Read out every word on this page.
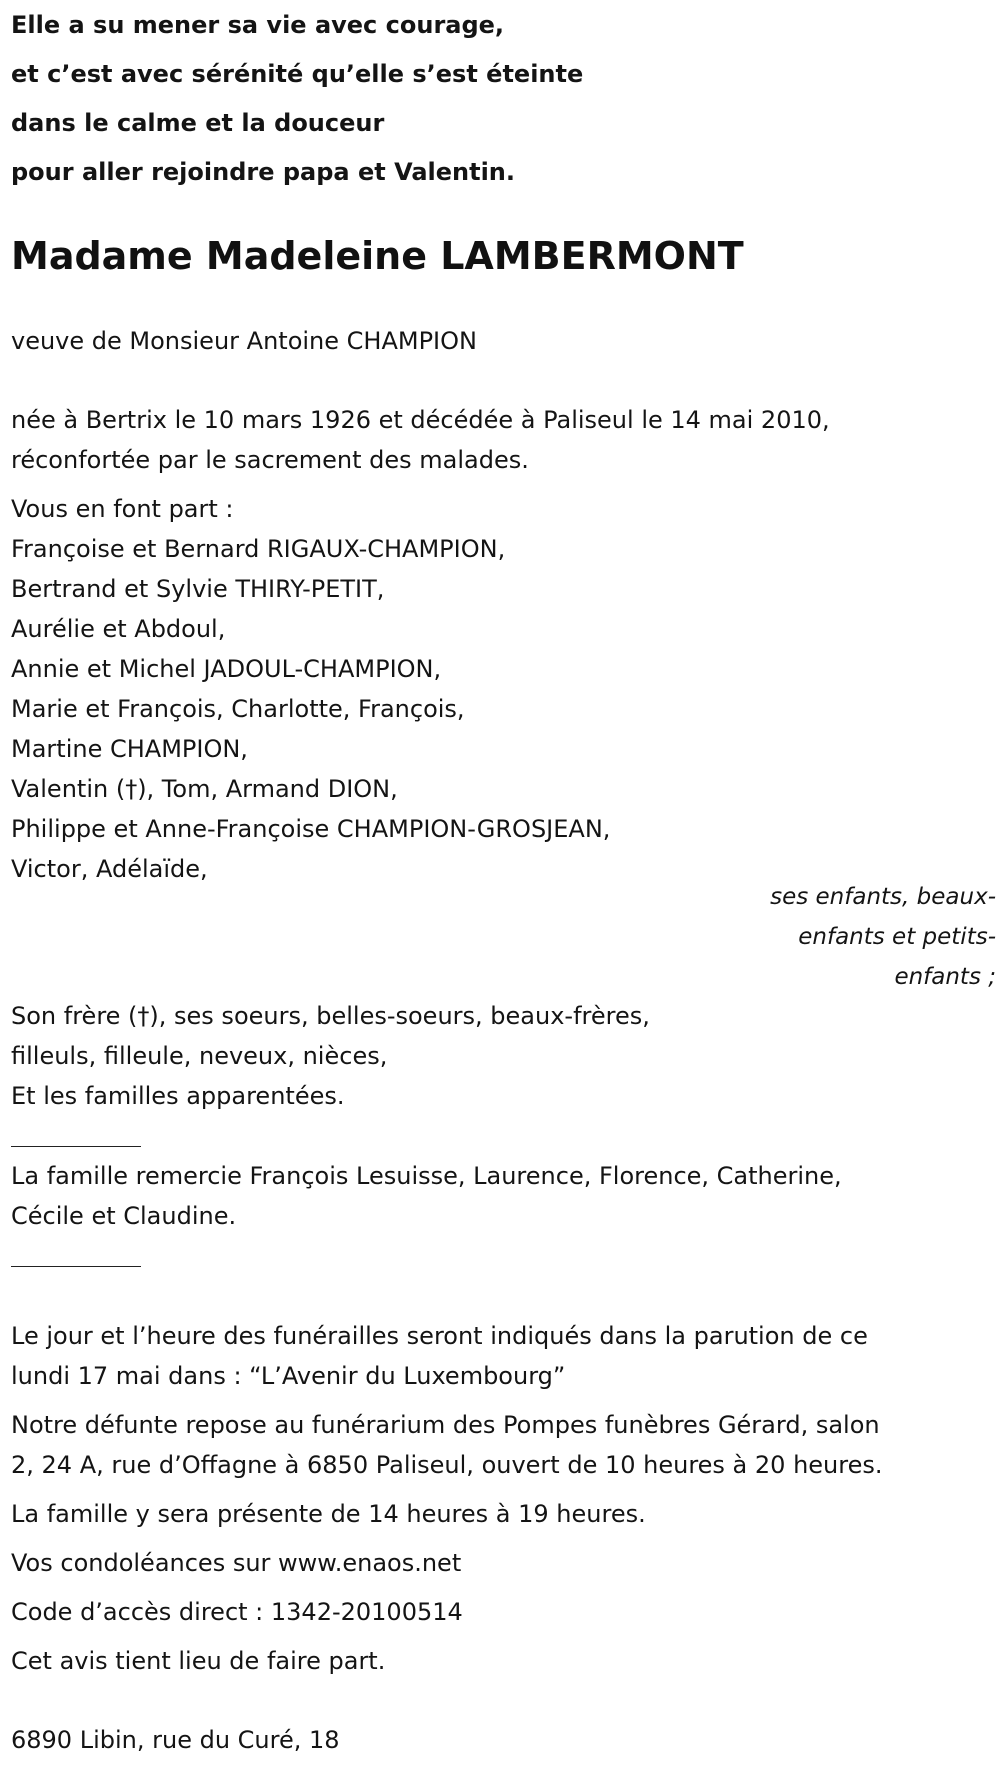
Elle a su mener sa vie avec courage,
et c’est avec sérénité qu’elle s’est éteinte
dans le calme et la douceur
pour aller rejoindre papa et Valentin.
Madame Madeleine LAMBERMONT
veuve de Monsieur Antoine CHAMPION
née à Bertrix le 10 mars 1926 et décédée à Paliseul le 14 mai 2010,
réconfortée par le sacrement des malades.
Vous en font part :
Françoise et Bernard RIGAUX-CHAMPION,
Bertrand et Sylvie THIRY-PETIT,
Aurélie et Abdoul,
Annie et Michel JADOUL-CHAMPION,
Marie et François, Charlotte, François,
Martine CHAMPION,
Valentin (†), Tom, Armand DION,
Philippe et Anne-Françoise CHAMPION-GROSJEAN,
Victor, Adélaïde,
ses enfants, beaux-
enfants et petits-
enfants ;
Son frère (†), ses soeurs, belles-soeurs, beaux-frères,
filleuls, filleule, neveux, nièces,
Et les familles apparentées.
La famille remercie François Lesuisse, Laurence, Florence, Catherine,
Cécile et Claudine.
Le jour et l’heure des funérailles seront indiqués dans la parution de ce
lundi 17 mai dans : “L’Avenir du Luxembourg”
Notre défunte repose au funérarium des Pompes funèbres Gérard, salon
2, 24 A, rue d’Offagne à 6850 Paliseul, ouvert de 10 heures à 20 heures.
La famille y sera présente de 14 heures à 19 heures.
Vos condoléances sur www.enaos.net
Code d’accès direct : 1342-20100514
Cet avis tient lieu de faire part.
6890 Libin, rue du Curé, 18
